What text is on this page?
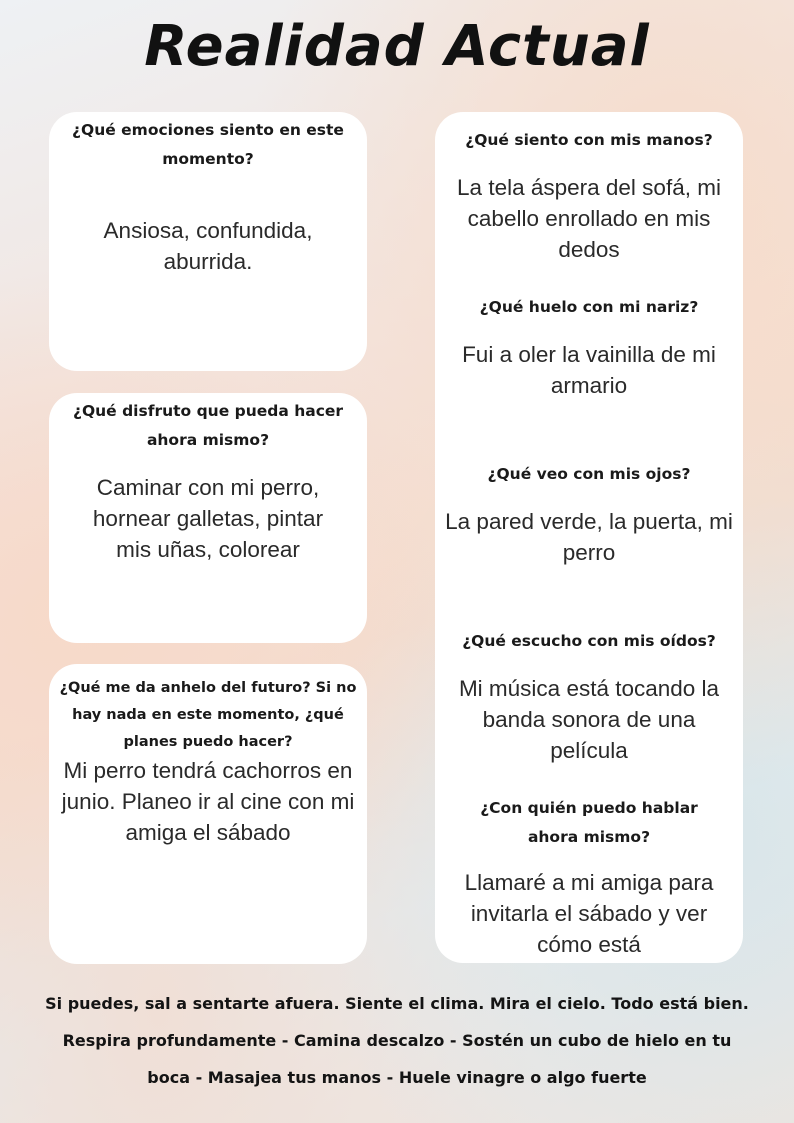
Realidad Actual
¿Qué emociones siento en este momento?
Ansiosa, confundida, aburrida.
¿Qué disfruto que pueda hacer ahora mismo?
Caminar con mi perro, hornear galletas, pintar mis uñas, colorear
¿Qué me da anhelo del futuro? Si no hay nada en este momento, ¿qué planes puedo hacer?
Mi perro tendrá cachorros en junio. Planeo ir al cine con mi amiga el sábado
¿Qué siento con mis manos?
La tela áspera del sofá, mi cabello enrollado en mis dedos
¿Qué huelo con mi nariz?
Fui a oler la vainilla de mi armario
¿Qué veo con mis ojos?
La pared verde, la puerta, mi perro
¿Qué escucho con mis oídos?
Mi música está tocando la banda sonora de una película
¿Con quién puedo hablar ahora mismo?
Llamaré a mi amiga para invitarla el sábado y ver cómo está
Si puedes, sal a sentarte afuera. Siente el clima. Mira el cielo. Todo está bien.
Respira profundamente - Camina descalzo - Sostén un cubo de hielo en tu boca - Masajea tus manos - Huele vinagre o algo fuerte
